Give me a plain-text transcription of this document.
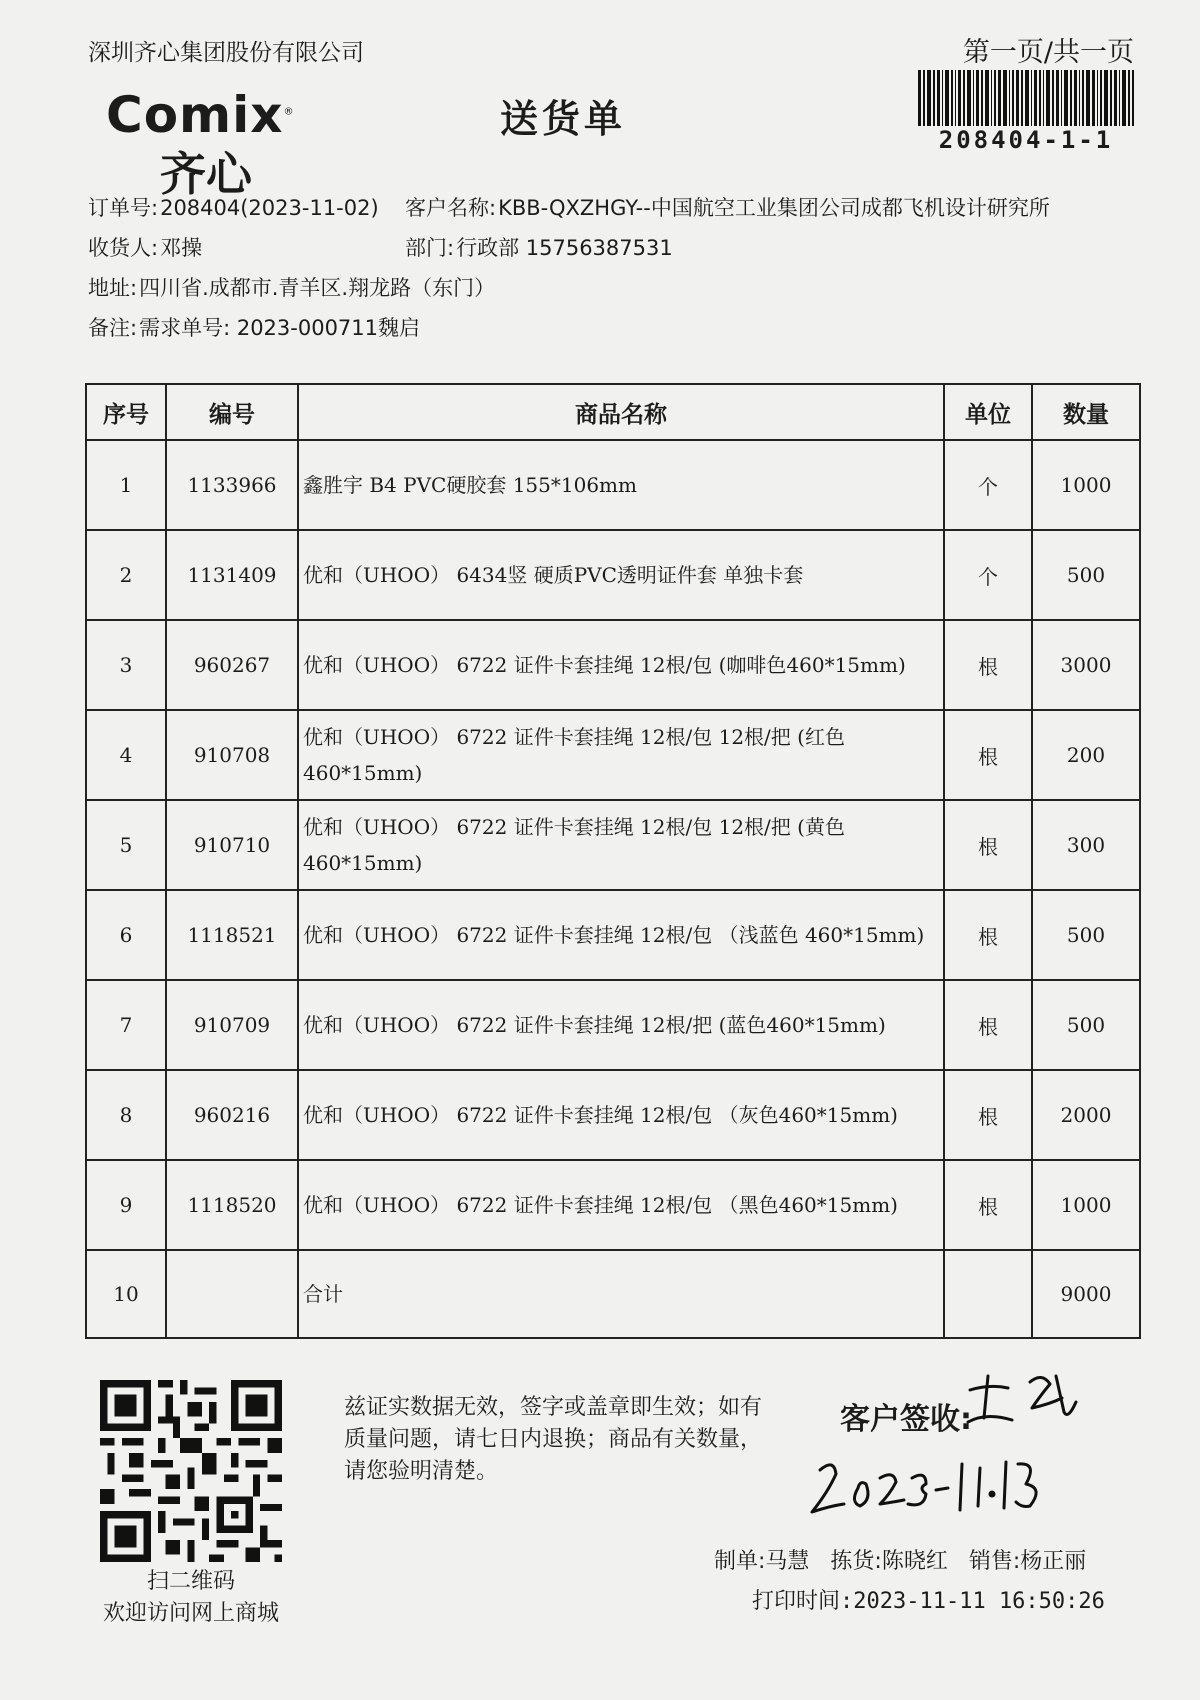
深圳齐心集团股份有限公司	第一页/共一页
208404-1-1
Comix®
齐心
送货单
订单号:208404(2023-11-02) 客户名称:KBB-QXZHGY--中国航空工业集团公司成都飞机设计研究所
收货人:邓操	部门:行政部 15756387531
地址:四川省.成都市.青羊区.翔龙路（东门）
备注:需求单号: 2023-000711魏启
序号	编号	商品名称	单位	数量
1	1133966	鑫胜宇 B4 PVC硬胶套 155*106mm	个	1000
2	1131409	优和（UHOO） 6434竖 硬质PVC透明证件套 单独卡套	个	500
3	960267	优和（UHOO） 6722 证件卡套挂绳 12根/包 (咖啡色460*15mm)	根	3000
4	910708	优和（UHOO） 6722 证件卡套挂绳 12根/包 12根/把 (红色 460*15mm)	根	200
5	910710	优和（UHOO） 6722 证件卡套挂绳 12根/包 12根/把 (黄色 460*15mm)	根	300
6	1118521	优和（UHOO） 6722 证件卡套挂绳 12根/包 （浅蓝色 460*15mm)	根	500
7	910709	优和（UHOO） 6722 证件卡套挂绳 12根/把 (蓝色460*15mm)	根	500
8	960216	优和（UHOO） 6722 证件卡套挂绳 12根/包 （灰色460*15mm)	根	2000
9	1118520	优和（UHOO） 6722 证件卡套挂绳 12根/包 （黑色460*15mm)	根	1000
10		合计		9000
扫二维码
欢迎访问网上商城
兹证实数据无效，签字或盖章即生效；如有质量问题，请七日内退换；商品有关数量，请您验明清楚。
客户签收:
制单:马慧 拣货:陈晓红 销售:杨正丽
打印时间:2023-11-11 16:50:26
